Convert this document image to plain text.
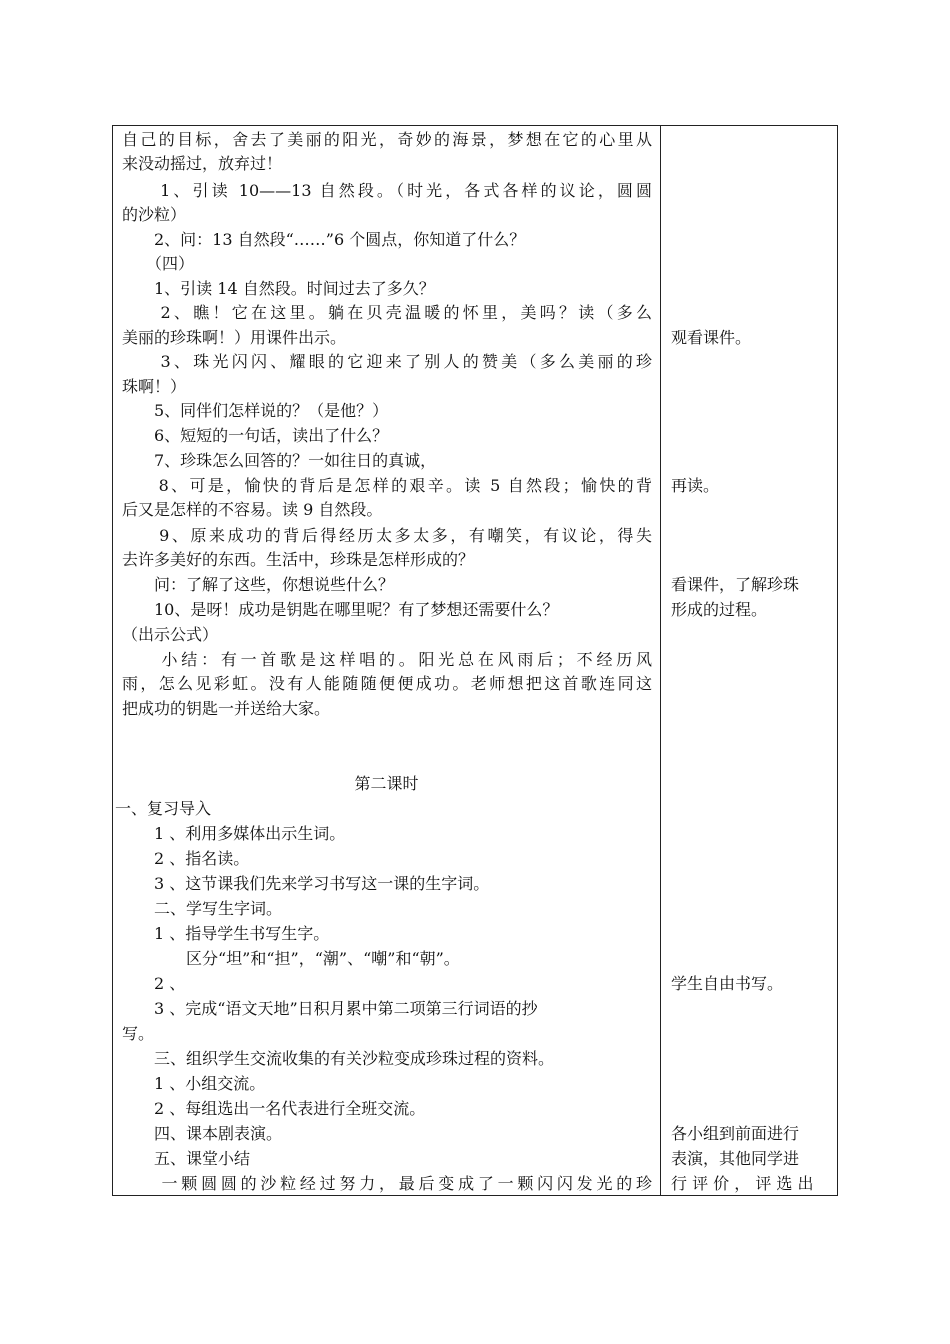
自己的目标，舍去了美丽的阳光，奇妙的海景，梦想在它的心里从
来没动摇过，放弃过！
　　1、引读 10——13 自然段。（时光，各式各样的议论，圆圆
的沙粒）
　　2、问：13 自然段“……”6 个圆点，你知道了什么？
　　（四）
　　1、引读 14 自然段。时间过去了多久？
　　2、瞧！它在这里。躺在贝壳温暖的怀里，美吗？读（多么
美丽的珍珠啊！）用课件出示。
　　3、珠光闪闪、耀眼的它迎来了别人的赞美（多么美丽的珍
珠啊！）
　　5、同伴们怎样说的？（是他？）
　　6、短短的一句话，读出了什么？
　　7、珍珠怎么回答的？一如往日的真诚，
　　8、可是，愉快的背后是怎样的艰辛。读 5 自然段；愉快的背
后又是怎样的不容易。读 9 自然段。
　　9、原来成功的背后得经历太多太多，有嘲笑，有议论，得失
去许多美好的东西。生活中，珍珠是怎样形成的？
　　问：了解了这些，你想说些什么？
　　10、是呀！成功是钥匙在哪里呢？有了梦想还需要什么？
（出示公式）
　　小结：有一首歌是这样唱的。阳光总在风雨后；不经历风
雨，怎么见彩虹。没有人能随随便便成功。老师想把这首歌连同这
把成功的钥匙一并送给大家。
第二课时
一、复习导入
　　1 、利用多媒体出示生词。
　　2 、指名读。
　　3 、这节课我们先来学习书写这一课的生字词。
　　二、学写生字词。
　　1 、指导学生书写生字。
　　　　区分“坦”和“担”，“潮”、“嘲”和“朝”。
　　2 、
　　3 、完成“语文天地”日积月累中第二项第三行词语的抄
写。
　　三、组织学生交流收集的有关沙粒变成珍珠过程的资料。
　　1 、小组交流。
　　2 、每组选出一名代表进行全班交流。
　　四、课本剧表演。
　　五、课堂小结
　　一颗圆圆的沙粒经过努力，最后变成了一颗闪闪发光的珍
观看课件。
再读。
看课件，了解珍珠
形成的过程。
学生自由书写。
各小组到前面进行
表演，其他同学进
行 评 价 ， 评 选 出
